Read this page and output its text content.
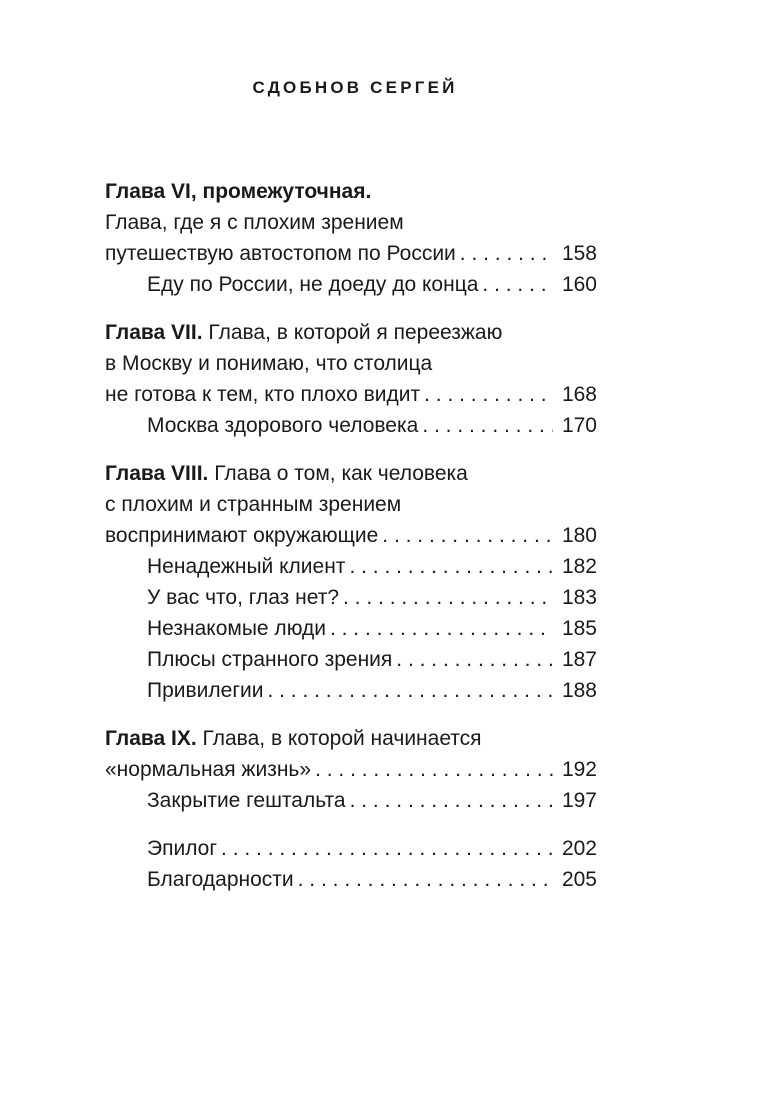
СДОБНОВ СЕРГЕЙ
Глава VI, промежуточная.
Глава, где я с плохим зрением
путешествую автостопом по России . . .	158
Еду по России, не доеду до конца . . .	160
Глава VII. Глава, в которой я переезжаю
в Москву и понимаю, что столица
не готова к тем, кто плохо видит . . .	168
Москва здорового человека . . .	170
Глава VIII. Глава о том, как человека
с плохим и странным зрением
воспринимают окружающие . . .	180
Ненадежный клиент . . .	182
У вас что, глаз нет? . . .	183
Незнакомые люди . . .	185
Плюсы странного зрения . . .	187
Привилегии . . .	188
Глава IX. Глава, в которой начинается
«нормальная жизнь» . . .	192
Закрытие гештальта . . .	197
Эпилог . . .	202
Благодарности . . .	205
